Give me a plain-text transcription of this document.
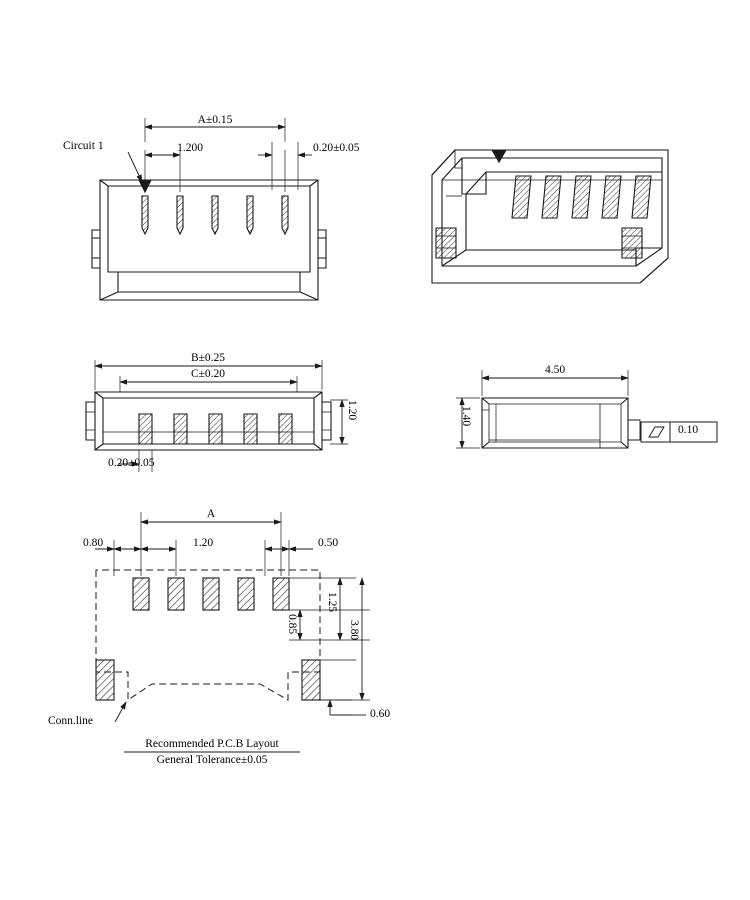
A±0.15
Circuit 1	1.200	0.20±0.05
B±0.25
C±0.20
0.20±0.05
1.20
4.50
1.40
0.10
A
0.80	1.20	0.50
0.85
1.25
3.80
0.60
Conn.line
Recommended P.C.B Layout
General Tolerance±0.05
